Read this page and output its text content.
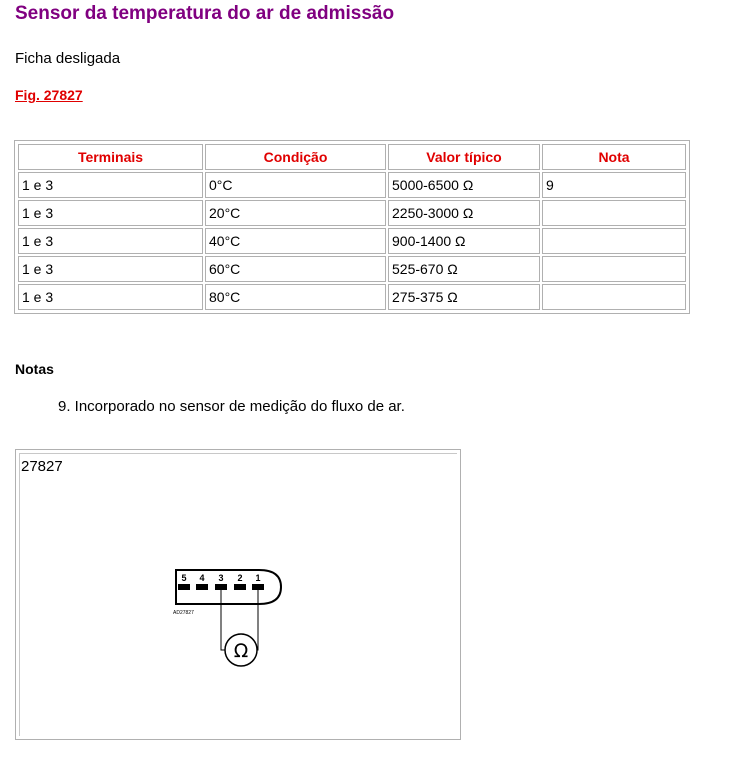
Sensor da temperatura do ar de admissão
Ficha desligada
Fig. 27827
Terminais	Condição	Valor típico	Nota
1 e 3	0°C	5000-6500 Ω	9
1 e 3	20°C	2250-3000 Ω	
1 e 3	40°C	900-1400 Ω	
1 e 3	60°C	525-670 Ω	
1 e 3	80°C	275-375 Ω	
Notas
9. Incorporado no sensor de medição do fluxo de ar.
27827
5 4 3 2 1
AD27827
Ω
